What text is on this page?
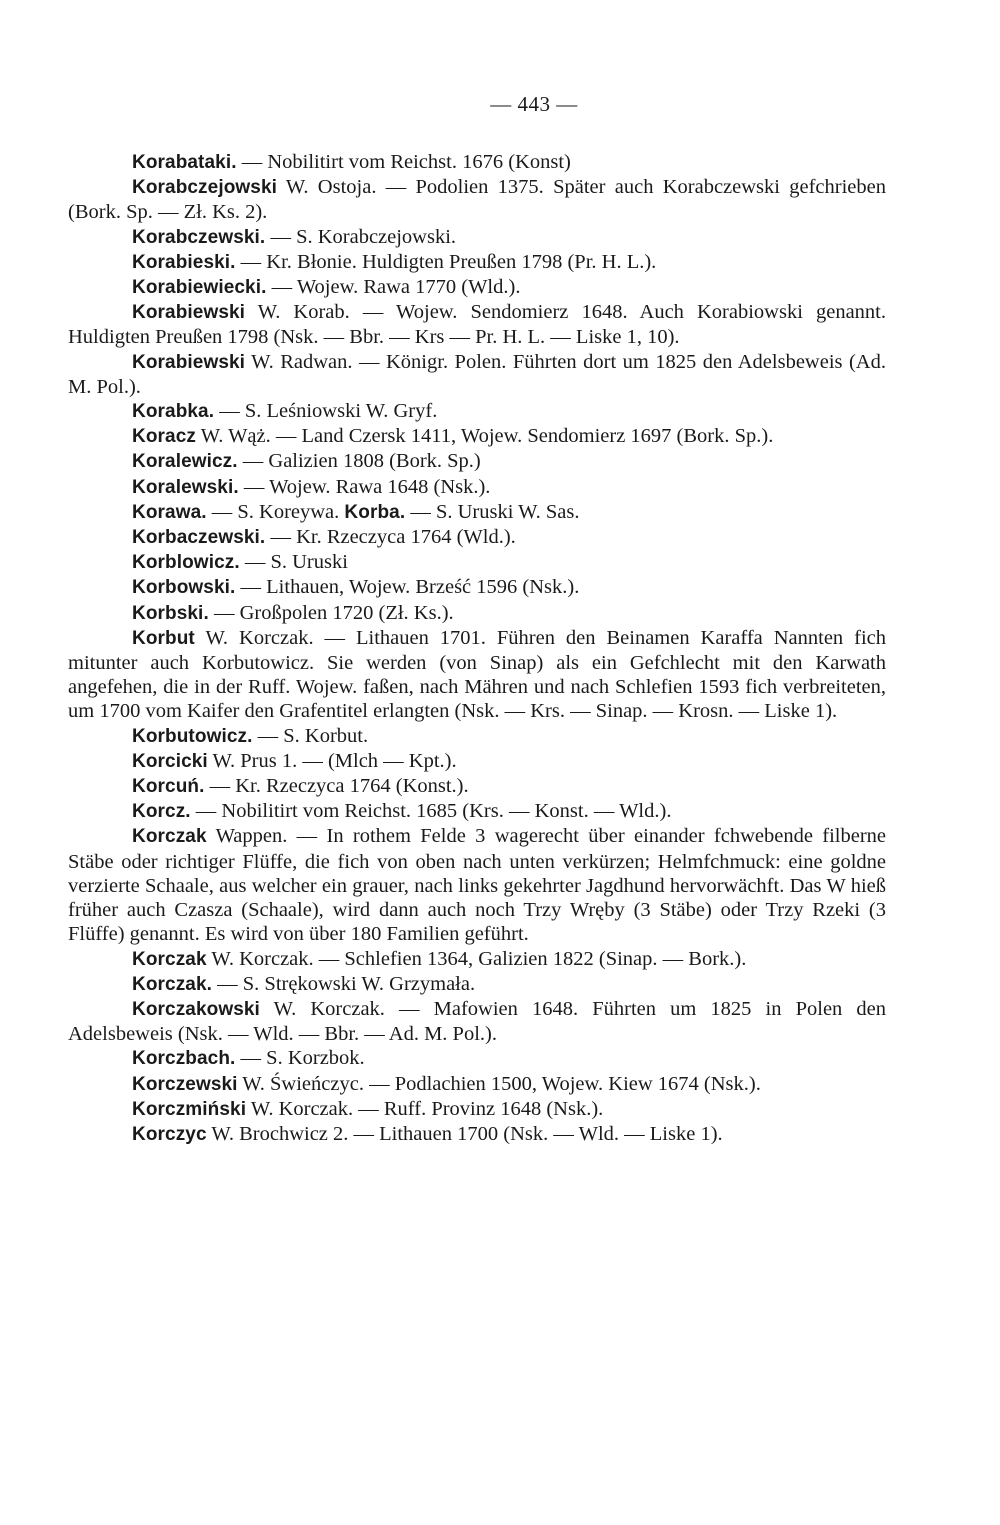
— 443 —

Korabataki. — Nobilitirt vom Reichst. 1676 (Konst)

Korabczejowski W. Ostoja. — Podolien 1375. Später auch Korabczewski gefchrieben (Bork. Sp. — Zł. Ks. 2).

Korabczewski. — S. Korabczejowski.

Korabieski. — Kr. Błonie. Huldigten Preußen 1798 (Pr. H. L.).

Korabiewiecki. — Wojew. Rawa 1770 (Wld.).

Korabiewski W. Korab. — Wojew. Sendomierz 1648. Auch Korabiowski genannt. Huldigten Preußen 1798 (Nsk. — Bbr. — Krs — Pr. H. L. — Liske 1, 10).

Korabiewski W. Radwan. — Königr. Polen. Führten dort um 1825 den Adelsbeweis (Ad. M. Pol.).

Korabka. — S. Leśniowski W. Gryf.

Koracz W. Wąż. — Land Czersk 1411, Wojew. Sendomierz 1697 (Bork. Sp.).

Koralewicz. — Galizien 1808 (Bork. Sp.)

Koralewski. — Wojew. Rawa 1648 (Nsk.).

Korawa. — S. Koreywa. Korba. — S. Uruski W. Sas.

Korbaczewski. — Kr. Rzeczyca 1764 (Wld.).

Korblowicz. — S. Uruski

Korbowski. — Lithauen, Wojew. Brześć 1596 (Nsk.).

Korbski. — Großpolen 1720 (Zł. Ks.).

Korbut W. Korczak. — Lithauen 1701. Führen den Beinamen Karaffa Nannten fich mitunter auch Korbutowicz. Sie werden (von Sinap) als ein Gefchlecht mit den Karwath angefehen, die in der Ruff. Wojew. faßen, nach Mähren und nach Schlefien 1593 fich verbreiteten, um 1700 vom Kaifer den Grafentitel erlangten (Nsk. — Krs. — Sinap. — Krosn. — Liske 1).

Korbutowicz. — S. Korbut.

Korcicki W. Prus 1. — (Mlch — Kpt.).

Korcuń. — Kr. Rzeczyca 1764 (Konst.).

Korcz. — Nobilitirt vom Reichst. 1685 (Krs. — Konst. — Wld.).

Korczak Wappen. — In rothem Felde 3 wagerecht über einander fchwebende filberne Stäbe oder richtiger Flüffe, die fich von oben nach unten verkürzen; Helmfchmuck: eine goldne verzierte Schaale, aus welcher ein grauer, nach links gekehrter Jagdhund hervorwächft. Das W hieß früher auch Czasza (Schaale), wird dann auch noch Trzy Wręby (3 Stäbe) oder Trzy Rzeki (3 Flüffe) genannt. Es wird von über 180 Familien geführt.

Korczak W. Korczak. — Schlefien 1364, Galizien 1822 (Sinap. — Bork.).

Korczak. — S. Strękowski W. Grzymała.

Korczakowski W. Korczak. — Mafowien 1648. Führten um 1825 in Polen den Adelsbeweis (Nsk. — Wld. — Bbr. — Ad. M. Pol.).

Korczbach. — S. Korzbok.

Korczewski W. Świeńczyc. — Podlachien 1500, Wojew. Kiew 1674 (Nsk.).

Korczmiński W. Korczak. — Ruff. Provinz 1648 (Nsk.).

Korczyc W. Brochwicz 2. — Lithauen 1700 (Nsk. — Wld. — Liske 1).
